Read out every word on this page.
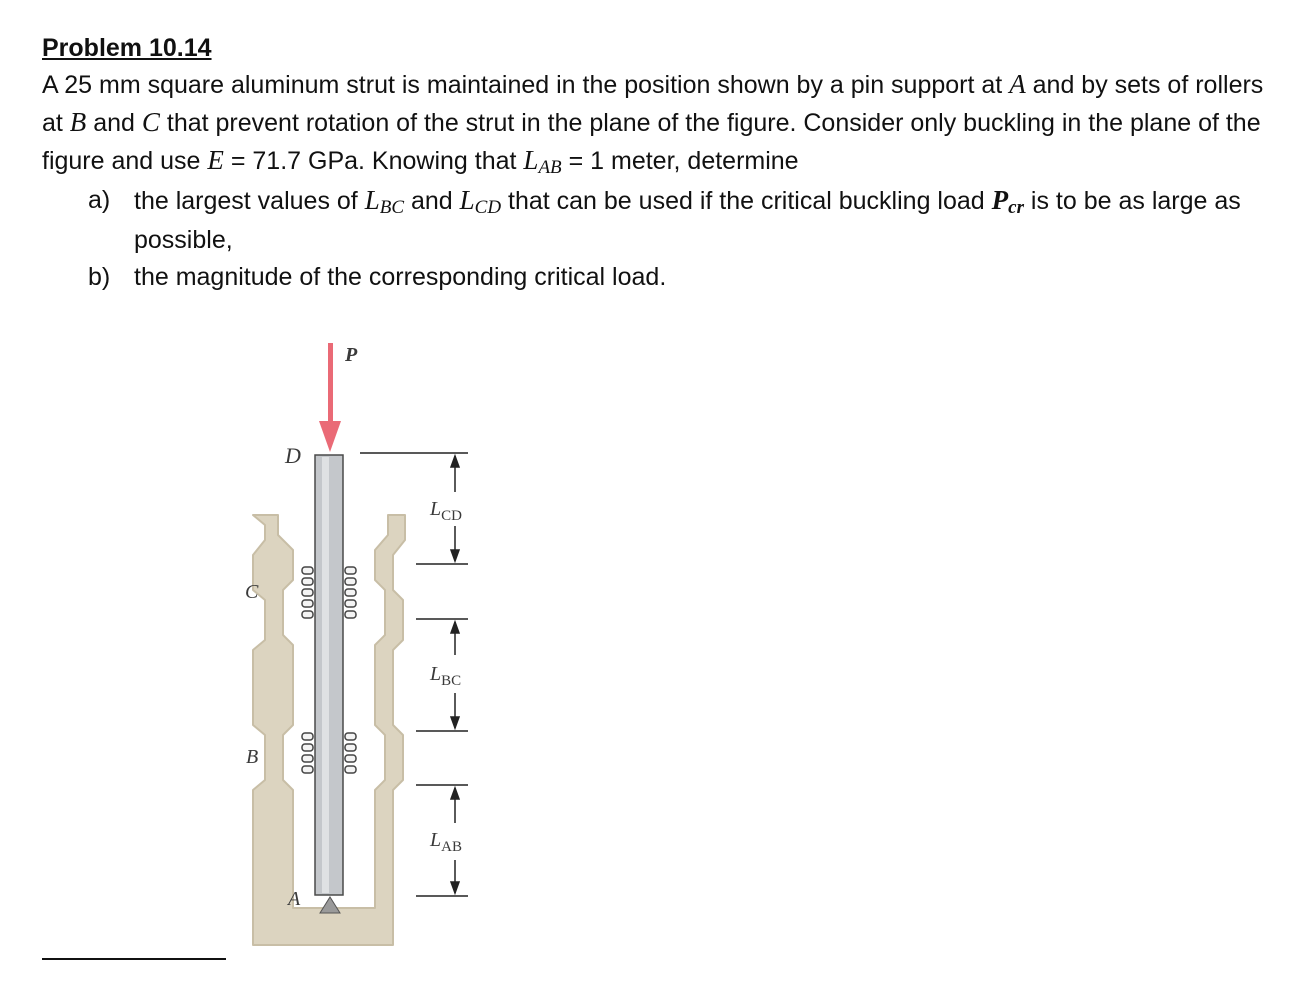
Problem 10.14

A 25 mm square aluminum strut is maintained in the position shown by a pin support at A and by sets of rollers at B and C that prevent rotation of the strut in the plane of the figure. Consider only buckling in the plane of the figure and use E = 71.7 GPa. Knowing that LAB = 1 meter, determine

a) the largest values of LBC and LCD that can be used if the critical buckling load Pcr is to be as large as possible,
b) the magnitude of the corresponding critical load.
P
D
C
B
A
$L_{CD}$
$L_{BC}$
$L_{AB}$
